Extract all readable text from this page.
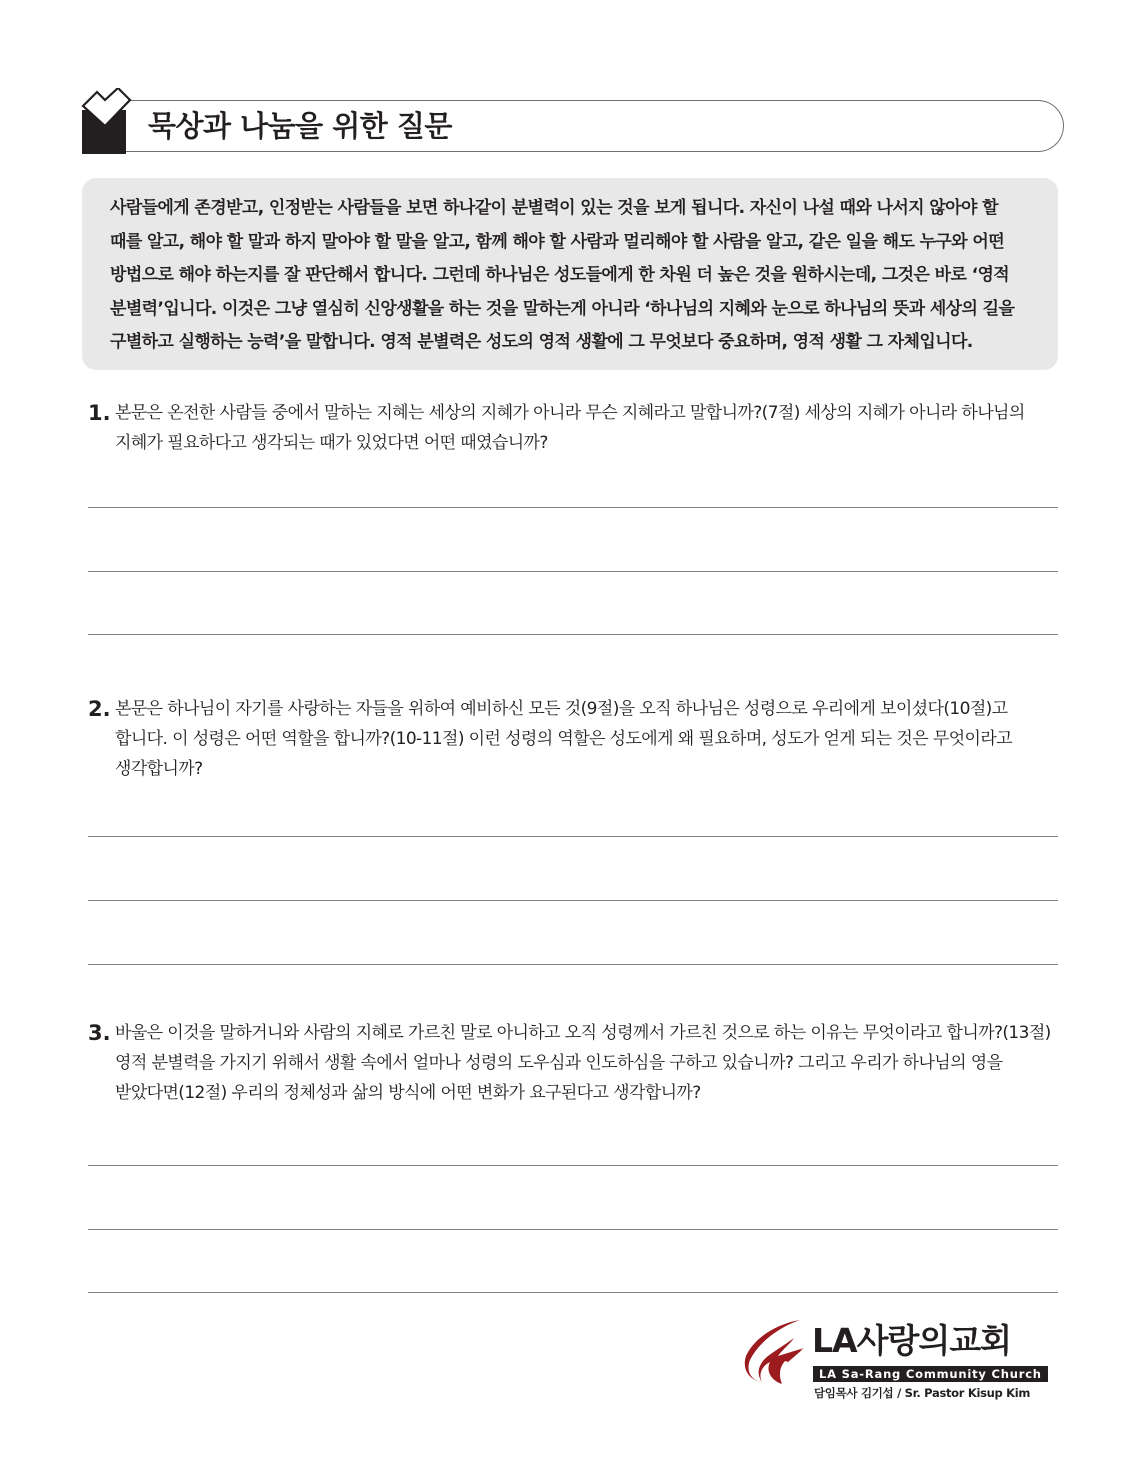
묵상과 나눔을 위한 질문

사람들에게 존경받고, 인정받는 사람들을 보면 하나같이 분별력이 있는 것을 보게 됩니다. 자신이 나설 때와 나서지 않아야 할 때를 알고, 해야 할 말과 하지 말아야 할 말을 알고, 함께 해야 할 사람과 멀리해야 할 사람을 알고, 같은 일을 해도 누구와 어떤 방법으로 해야 하는지를 잘 판단해서 합니다. 그런데 하나님은 성도들에게 한 차원 더 높은 것을 원하시는데, 그것은 바로 ‘영적 분별력’입니다. 이것은 그냥 열심히 신앙생활을 하는 것을 말하는게 아니라 ‘하나님의 지혜와 눈으로 하나님의 뜻과 세상의 길을 구별하고 실행하는 능력’을 말합니다. 영적 분별력은 성도의 영적 생활에 그 무엇보다 중요하며, 영적 생활 그 자체입니다.

1. 본문은 온전한 사람들 중에서 말하는 지혜는 세상의 지혜가 아니라 무슨 지혜라고 말합니까?(7절) 세상의 지혜가 아니라 하나님의 지혜가 필요하다고 생각되는 때가 있었다면 어떤 때였습니까?

2. 본문은 하나님이 자기를 사랑하는 자들을 위하여 예비하신 모든 것(9절)을 오직 하나님은 성령으로 우리에게 보이셨다(10절)고 합니다. 이 성령은 어떤 역할을 합니까?(10-11절) 이런 성령의 역할은 성도에게 왜 필요하며, 성도가 얻게 되는 것은 무엇이라고 생각합니까?

3. 바울은 이것을 말하거니와 사람의 지혜로 가르친 말로 아니하고 오직 성령께서 가르친 것으로 하는 이유는 무엇이라고 합니까?(13절) 영적 분별력을 가지기 위해서 생활 속에서 얼마나 성령의 도우심과 인도하심을 구하고 있습니까? 그리고 우리가 하나님의 영을 받았다면(12절) 우리의 정체성과 삶의 방식에 어떤 변화가 요구된다고 생각합니까?

LA사랑의교회
LA Sa-Rang Community Church
담임목사 김기섭 / Sr. Pastor Kisup Kim
